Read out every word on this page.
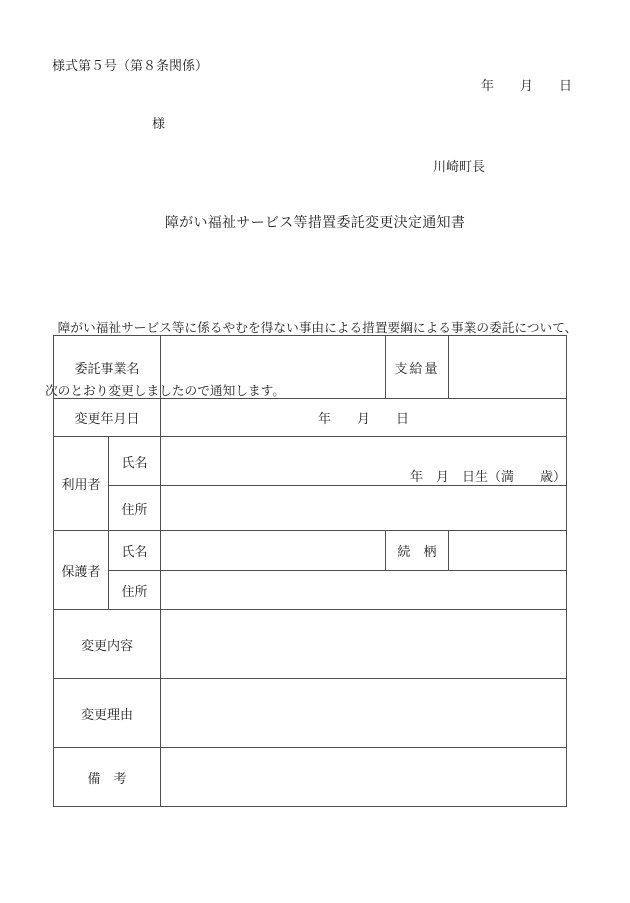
様式第５号（第８条関係）
年　　月　　日
様
川崎町長
障がい福祉サービス等措置委託変更決定通知書

　障がい福祉サービス等に係るやむを得ない事由による措置要綱による事業の委託について、

次のとおり変更しましたので通知します。

委託事業名			支給量	
変更年月日		年　　月　　日		
利用者	氏名	年　月　日生（満　　歳）		
	住所			
保護者	氏名		続　柄	
	住所			
変更内容				
変更理由				
備　考				
